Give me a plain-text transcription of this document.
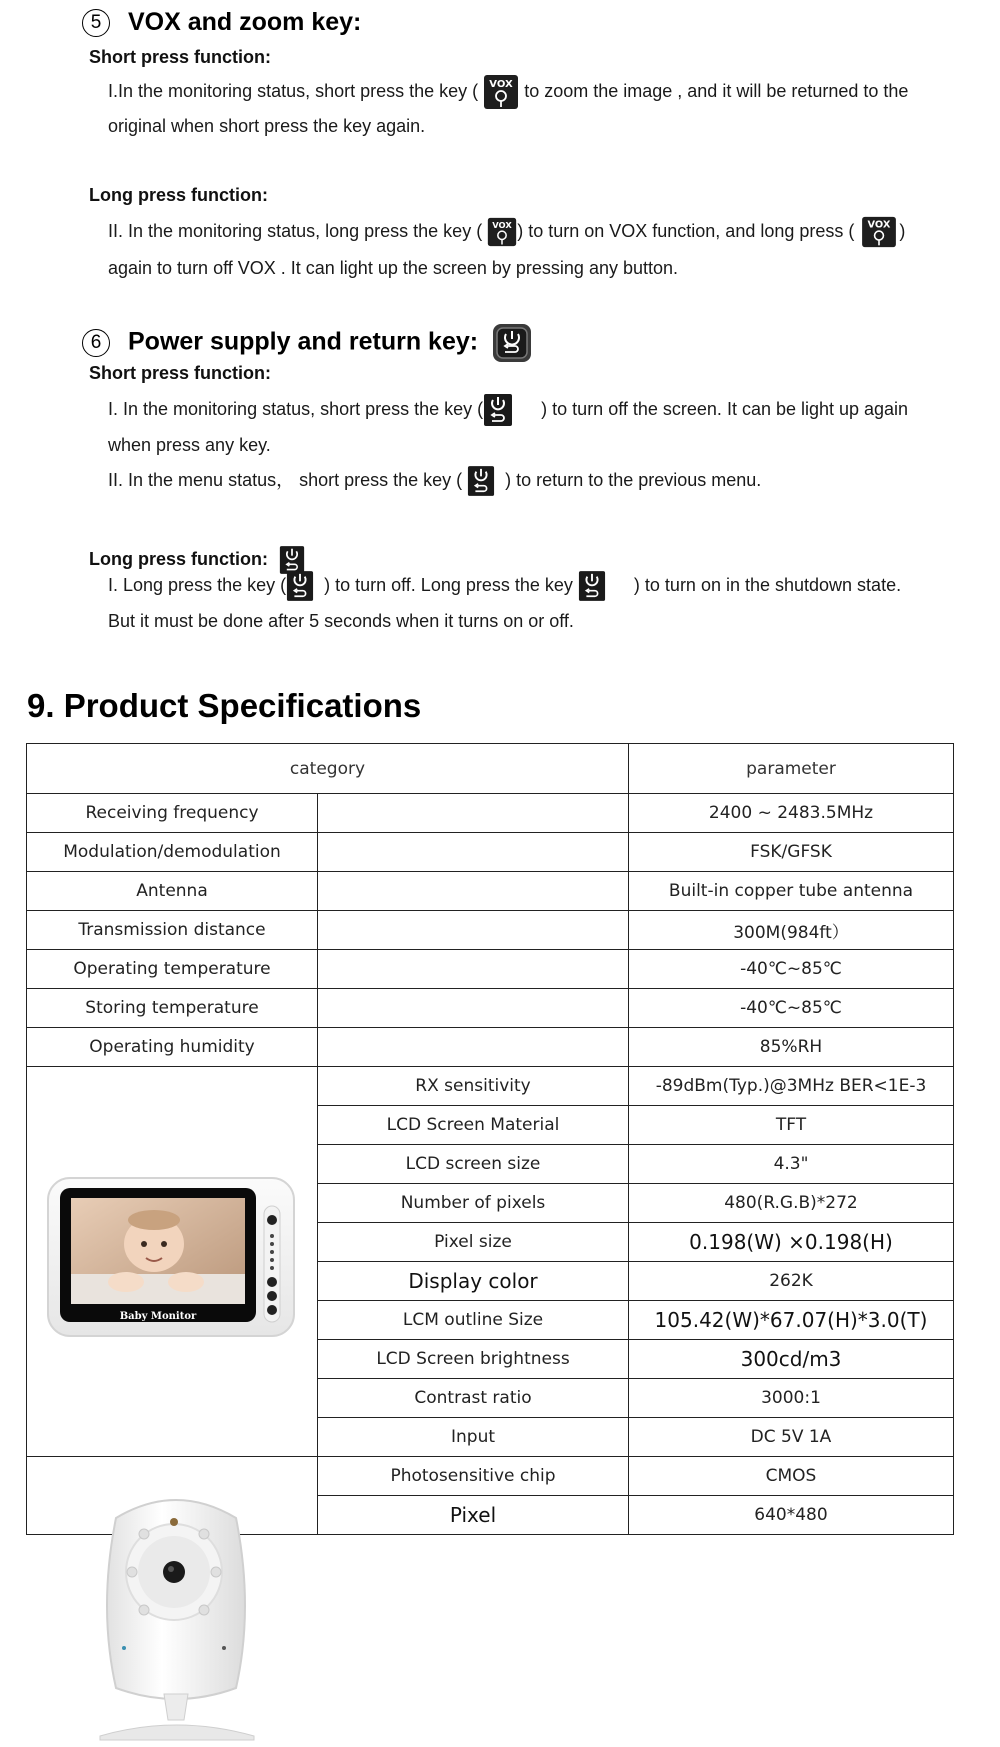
5 VOX and zoom key:
Short press function:
I.In the monitoring status, short press the key ( VOX to zoom the image , and it will be returned to the
original when short press the key again.
Long press function:
II. In the monitoring status, long press the key ( VOX ) to turn on VOX function, and long press ( VOX )
again to turn off VOX . It can light up the screen by pressing any button.
6 Power supply and return key:
Short press function:
I. In the monitoring status, short press the key (	) to turn off the screen. It can be light up again
when press any key.
II. In the menu status， short press the key ( ) to return to the previous menu.
Long press function:
I. Long press the key ( ) to turn off. Long press the key	) to turn on in the shutdown state.
But it must be done after 5 seconds when it turns on or off.
9. Product Specifications
category		parameter
Receiving frequency		2400 ~ 2483.5MHz
Modulation/demodulation		FSK/GFSK
Antenna		Built-in copper tube antenna
Transmission distance		300M(984ft）
Operating temperature		-40℃~85℃
Storing temperature		-40℃~85℃
Operating humidity		85%RH

Baby Monitor	RX sensitivity	-89dBm(Typ.)@3MHz BER<1E-3
	LCD Screen Material	TFT
	LCD screen size	4.3"
	Number of pixels	480(R.G.B)*272
	Pixel size	0.198(W) ×0.198(H)
	Display color	262K
	LCM outline Size	105.42(W)*67.07(H)*3.0(T)
	LCD Screen brightness	300cd/m3
	Contrast ratio	3000:1
	Input	DC 5V 1A
	Photosensitive chip	CMOS
	Pixel	640*480
